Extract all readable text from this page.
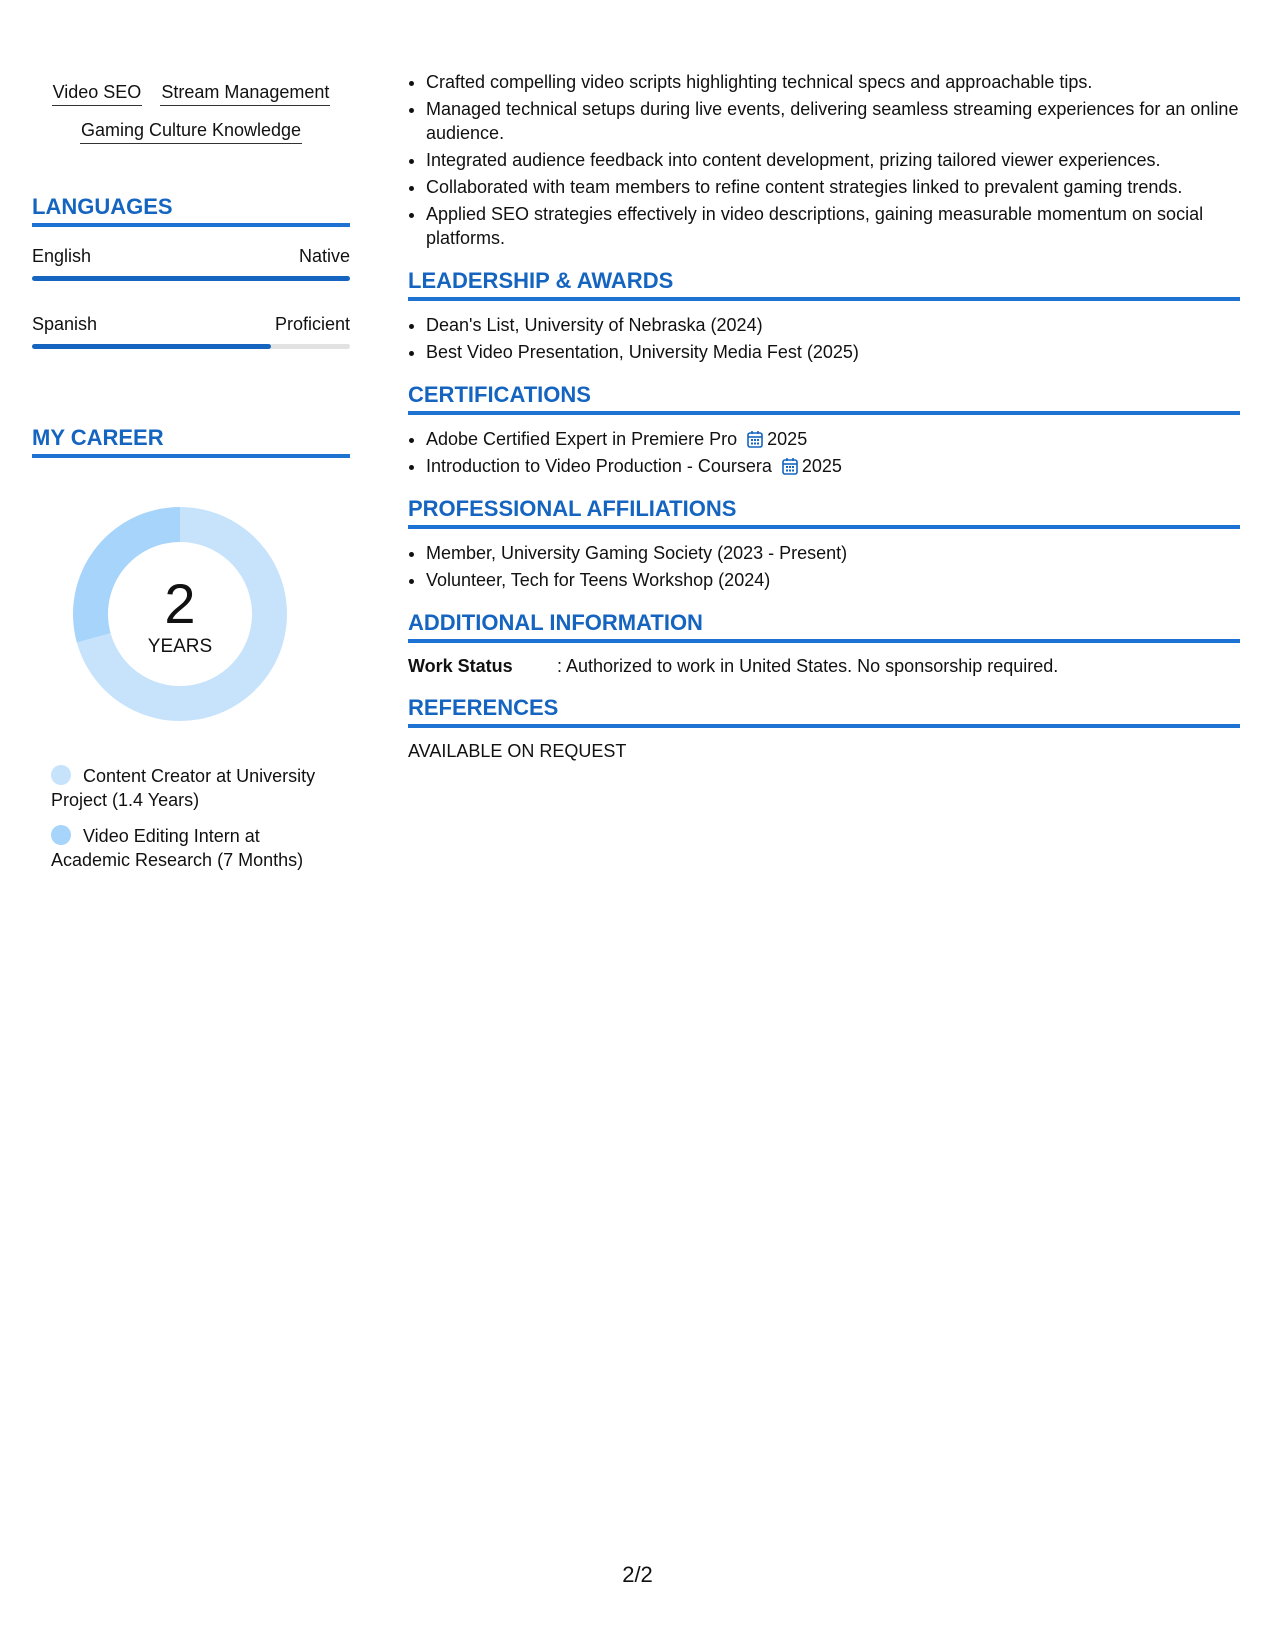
Video SEO Stream Management
Gaming Culture Knowledge
LANGUAGES
English	Native
Spanish	Proficient
MY CAREER
2
YEARS
Content Creator at University Project (1.4 Years)
Video Editing Intern at Academic Research (7 Months)
• Crafted compelling video scripts highlighting technical specs and approachable tips.
• Managed technical setups during live events, delivering seamless streaming experiences for an online audience.
• Integrated audience feedback into content development, prizing tailored viewer experiences.
• Collaborated with team members to refine content strategies linked to prevalent gaming trends.
• Applied SEO strategies effectively in video descriptions, gaining measurable momentum on social platforms.
LEADERSHIP & AWARDS
• Dean's List, University of Nebraska (2024)
• Best Video Presentation, University Media Fest (2025)
CERTIFICATIONS
• Adobe Certified Expert in Premiere Pro 2025
• Introduction to Video Production - Coursera 2025
PROFESSIONAL AFFILIATIONS
• Member, University Gaming Society (2023 - Present)
• Volunteer, Tech for Teens Workshop (2024)
ADDITIONAL INFORMATION
Work Status	: Authorized to work in United States. No sponsorship required.
REFERENCES
AVAILABLE ON REQUEST
2/2
